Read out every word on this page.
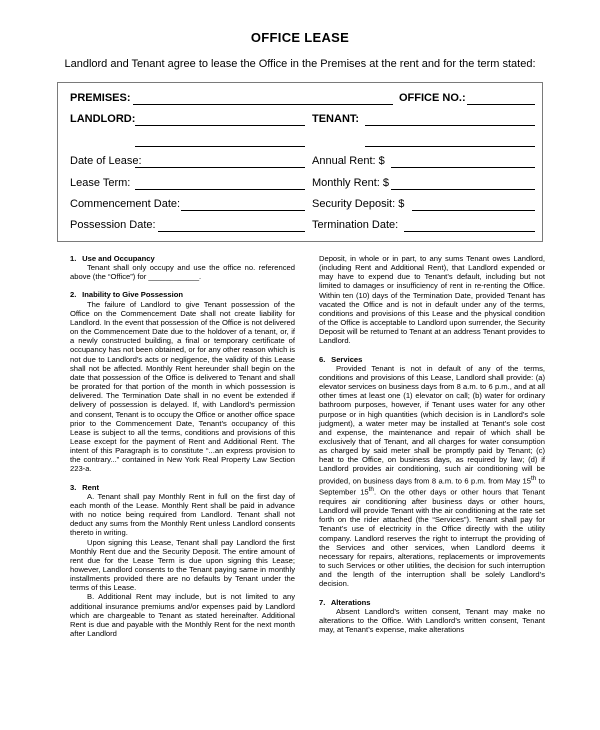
OFFICE LEASE
Landlord and Tenant agree to lease the Office in the Premises at the rent and for the term stated:
PREMISES:	OFFICE NO.:
LANDLORD:	TENANT:
Date of Lease:	Annual Rent: $
Lease Term:	Monthly Rent: $
Commencement Date:	Security Deposit: $
Possession Date:	Termination Date:

1. Use and Occupancy

Tenant shall only occupy and use the office no. referenced above (the “Office”) for ____________.

2. Inability to Give Possession

The failure of Landlord to give Tenant possession of the Office on the Commencement Date shall not create liability for Landlord. In the event that possession of the Office is not delivered on the Commencement Date due to the holdover of a tenant, or, if a newly constructed building, a final or temporary certificate of occupancy has not been obtained, or for any other reason which is not due to Landlord’s acts or negligence, the validity of this Lease shall not be affected. Monthly Rent hereunder shall begin on the date that possession of the Office is delivered to Tenant and shall be prorated for that portion of the month in which possession is delivered. The Termination Date shall in no event be extended if delivery of possession is delayed. If, with Landlord’s permission and consent, Tenant is to occupy the Office or another office space prior to the Commencement Date, Tenant’s occupancy of this Lease is subject to all the terms, conditions and provisions of this Lease except for the payment of Rent and Additional Rent. The intent of this Paragraph is to constitute “...an express provision to the contrary...” contained in New York Real Property Law Section 223-a.

3. Rent

A. Tenant shall pay Monthly Rent in full on the first day of each month of the Lease. Monthly Rent shall be paid in advance with no notice being required from Landlord. Tenant shall not deduct any sums from the Monthly Rent unless Landlord consents thereto in writing.

Upon signing this Lease, Tenant shall pay Landlord the first Monthly Rent due and the Security Deposit. The entire amount of rent due for the Lease Term is due upon signing this Lease; however, Landlord consents to the Tenant paying same in monthly installments provided there are no defaults by Tenant under the terms of this Lease.

B. Additional Rent may include, but is not limited to any additional insurance premiums and/or expenses paid by Landlord which are chargeable to Tenant as stated hereinafter. Additional Rent is due and payable with the Monthly Rent for the next month after Landlord

Deposit, in whole or in part, to any sums Tenant owes Landlord, (including Rent and Additional Rent), that Landlord expended or may have to expend due to Tenant’s default, including but not limited to damages or insufficiency of rent in re-renting the Office. Within ten (10) days of the Termination Date, provided Tenant has vacated the Office and is not in default under any of the terms, conditions and provisions of this Lease and the physical condition of the Office is acceptable to Landlord upon surrender, the Security Deposit will be returned to Tenant at an address Tenant provides to Landlord.

6. Services

Provided Tenant is not in default of any of the terms, conditions and provisions of this Lease, Landlord shall provide: (a) elevator services on business days from 8 a.m. to 6 p.m., and at all other times at least one (1) elevator on call; (b) water for ordinary bathroom purposes, however, if Tenant uses water for any other purpose or in high quantities (which decision is in Landlord’s sole judgment), a water meter may be installed at Tenant’s sole cost and expense, the maintenance and repair of which shall be exclusively that of Tenant, and all charges for water consumption as charged by said meter shall be promptly paid by Tenant; (c) heat to the Office, on business days, as required by law; (d) if Landlord provides air conditioning, such air conditioning will be provided, on business days from 8 a.m. to 6 p.m. from May 15th to September 15th. On the other days or other hours that Tenant requires air conditioning after business days or other hours, Landlord will provide Tenant with the air conditioning at the rate set forth on the rider attached (the “Services”). Tenant shall pay for Tenant’s use of electricity in the Office directly with the utility company. Landlord reserves the right to interrupt the providing of the Services and other services, when Landlord deems it necessary for repairs, alterations, replacements or improvements to such Services or other utilities, the decision for such interruption and the length of the interruption shall be solely Landlord’s decision.

7. Alterations

Absent Landlord’s written consent, Tenant may make no alterations to the Office. With Landlord’s written consent, Tenant may, at Tenant’s expense, make alterations
